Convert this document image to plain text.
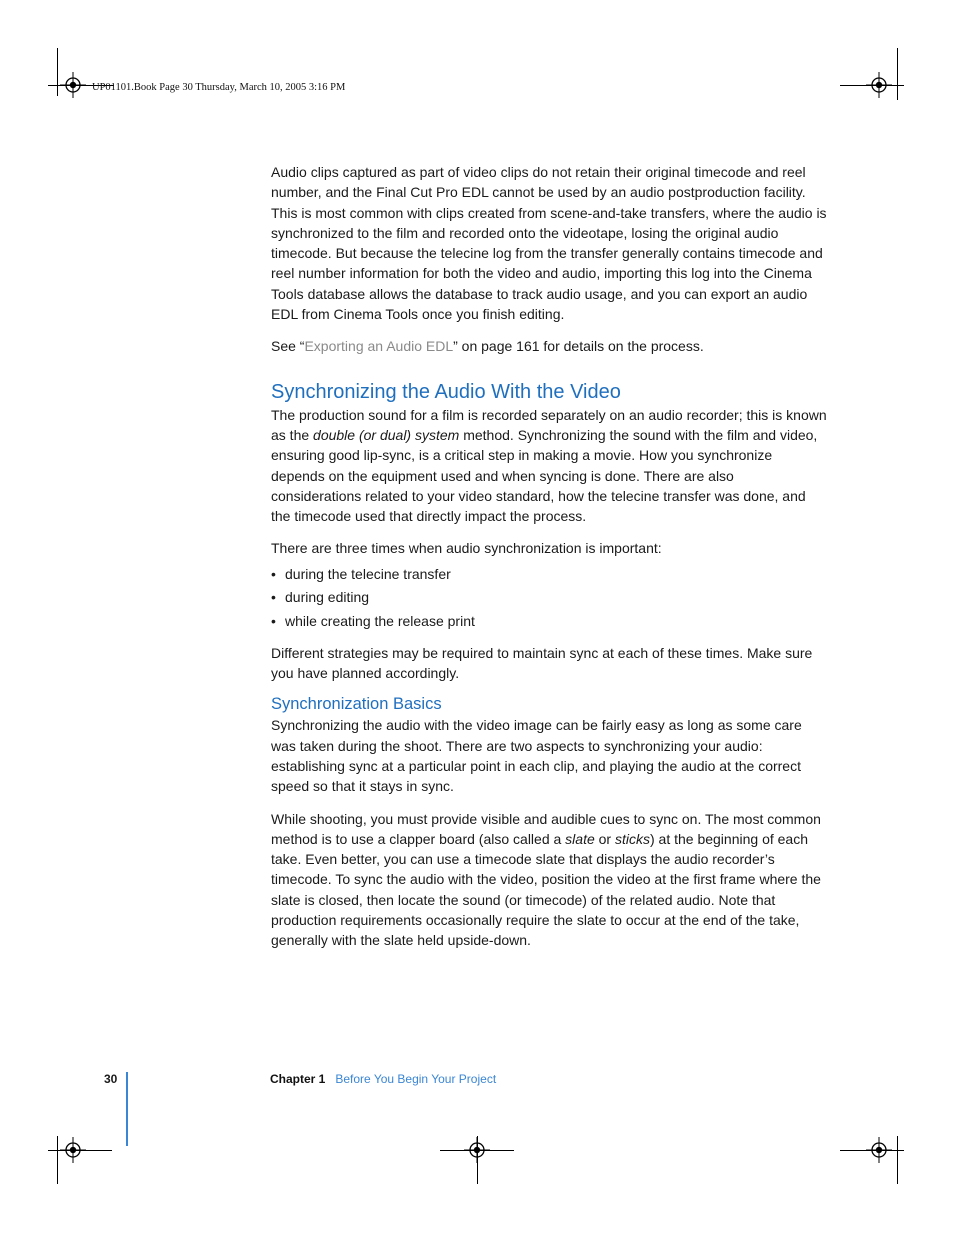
UP01101.Book Page 30 Thursday, March 10, 2005 3:16 PM

Audio clips captured as part of video clips do not retain their original timecode and reel number, and the Final Cut Pro EDL cannot be used by an audio postproduction facility. This is most common with clips created from scene-and-take transfers, where the audio is synchronized to the film and recorded onto the videotape, losing the original audio timecode. But because the telecine log from the transfer generally contains timecode and reel number information for both the video and audio, importing this log into the Cinema Tools database allows the database to track audio usage, and you can export an audio EDL from Cinema Tools once you finish editing.

See “Exporting an Audio EDL” on page 161 for details on the process.

Synchronizing the Audio With the Video

The production sound for a film is recorded separately on an audio recorder; this is known as the double (or dual) system method. Synchronizing the sound with the film and video, ensuring good lip-sync, is a critical step in making a movie. How you synchronize depends on the equipment used and when syncing is done. There are also considerations related to your video standard, how the telecine transfer was done, and the timecode used that directly impact the process.

There are three times when audio synchronization is important:

• during the telecine transfer
• during editing
• while creating the release print

Different strategies may be required to maintain sync at each of these times. Make sure you have planned accordingly.

Synchronization Basics

Synchronizing the audio with the video image can be fairly easy as long as some care was taken during the shoot. There are two aspects to synchronizing your audio: establishing sync at a particular point in each clip, and playing the audio at the correct speed so that it stays in sync.

While shooting, you must provide visible and audible cues to sync on. The most common method is to use a clapper board (also called a slate or sticks) at the beginning of each take. Even better, you can use a timecode slate that displays the audio recorder’s timecode. To sync the audio with the video, position the video at the first frame where the slate is closed, then locate the sound (or timecode) of the related audio. Note that production requirements occasionally require the slate to occur at the end of the take, generally with the slate held upside-down.

30	Chapter 1 Before You Begin Your Project
